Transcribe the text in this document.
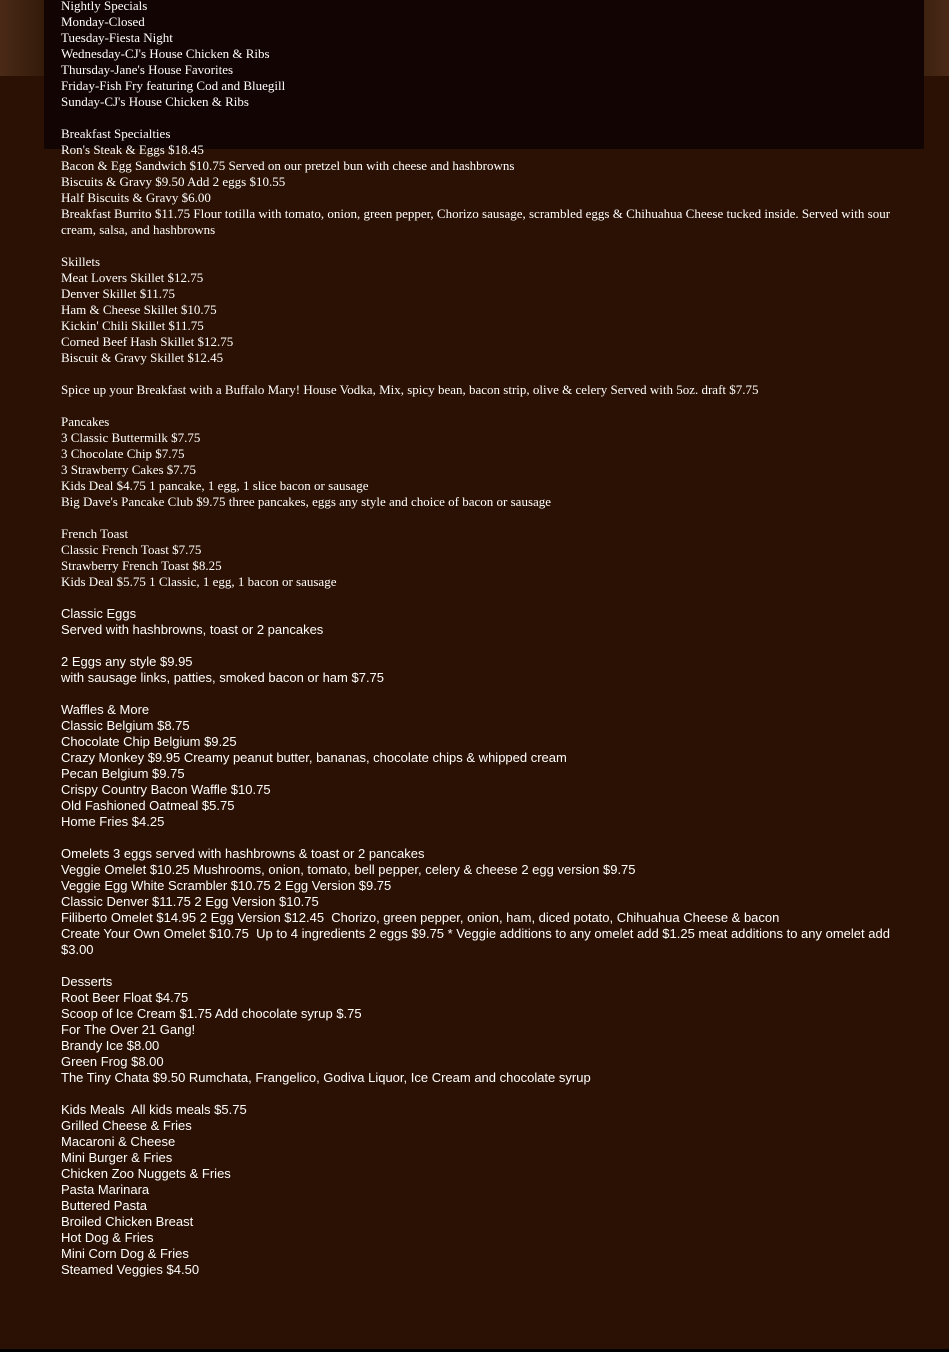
Nightly Specials
Monday-Closed
Tuesday-Fiesta Night
Wednesday-CJ's House Chicken & Ribs
Thursday-Jane's House Favorites
Friday-Fish Fry featuring Cod and Bluegill
Sunday-CJ's House Chicken & Ribs
Breakfast Specialties
Ron's Steak & Eggs $18.45
Bacon & Egg Sandwich $10.75 Served on our pretzel bun with cheese and hashbrowns
Biscuits & Gravy $9.50 Add 2 eggs $10.55
Half Biscuits & Gravy $6.00
Breakfast Burrito $11.75 Flour totilla with tomato, onion, green pepper, Chorizo sausage, scrambled eggs & Chihuahua Cheese tucked inside. Served with sour cream, salsa, and hashbrowns
Skillets
Meat Lovers Skillet $12.75
Denver Skillet $11.75
Ham & Cheese Skillet $10.75
Kickin' Chili Skillet $11.75
Corned Beef Hash Skillet $12.75
Biscuit & Gravy Skillet $12.45
Spice up your Breakfast with a Buffalo Mary! House Vodka, Mix, spicy bean, bacon strip, olive & celery Served with 5oz. draft $7.75
Pancakes
3 Classic Buttermilk $7.75
3 Chocolate Chip $7.75
3 Strawberry Cakes $7.75
Kids Deal $4.75 1 pancake, 1 egg, 1 slice bacon or sausage
Big Dave's Pancake Club $9.75 three pancakes, eggs any style and choice of bacon or sausage
French Toast
Classic French Toast $7.75
Strawberry French Toast $8.25
Kids Deal $5.75 1 Classic, 1 egg, 1 bacon or sausage
Classic Eggs
Served with hashbrowns, toast or 2 pancakes
2 Eggs any style $9.95
with sausage links, patties, smoked bacon or ham $7.75
Waffles & More
Classic Belgium $8.75
Chocolate Chip Belgium $9.25
Crazy Monkey $9.95 Creamy peanut butter, bananas, chocolate chips & whipped cream
Pecan Belgium $9.75
Crispy Country Bacon Waffle $10.75
Old Fashioned Oatmeal $5.75
Home Fries $4.25
Omelets 3 eggs served with hashbrowns & toast or 2 pancakes
Veggie Omelet $10.25 Mushrooms, onion, tomato, bell pepper, celery & cheese 2 egg version $9.75
Veggie Egg White Scrambler $10.75 2 Egg Version $9.75
Classic Denver $11.75 2 Egg Version $10.75
Filiberto Omelet $14.95 2 Egg Version $12.45  Chorizo, green pepper, onion, ham, diced potato, Chihuahua Cheese & bacon
Create Your Own Omelet $10.75  Up to 4 ingredients 2 eggs $9.75 * Veggie additions to any omelet add $1.25 meat additions to any omelet add $3.00
Desserts
Root Beer Float $4.75
Scoop of Ice Cream $1.75 Add chocolate syrup $.75
For The Over 21 Gang!
Brandy Ice $8.00
Green Frog $8.00
The Tiny Chata $9.50 Rumchata, Frangelico, Godiva Liquor, Ice Cream and chocolate syrup
Kids Meals  All kids meals $5.75
Grilled Cheese & Fries
Macaroni & Cheese
Mini Burger & Fries
Chicken Zoo Nuggets & Fries
Pasta Marinara
Buttered Pasta
Broiled Chicken Breast
Hot Dog & Fries
Mini Corn Dog & Fries
Steamed Veggies $4.50
